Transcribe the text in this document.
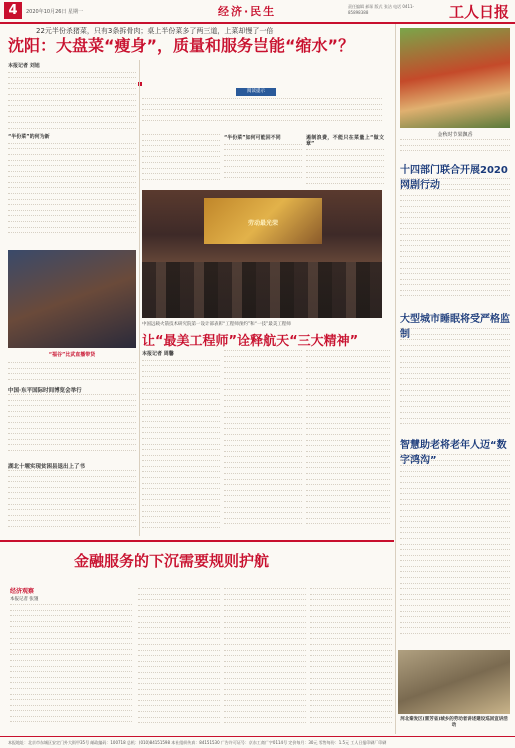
4	2020年10月26日 星期一	经济·民生	责任编辑 郝琛 版式 张洁 电话 0411-85898388	工人日报
22元半份杀猪菜，只有3条拆骨肉；桌上半份菜多了两三道，上菜却慢了一倍
沈阳：大盘菜“瘦身”，质量和服务岂能“缩水”？
本报记者 刘旭
“半份菜”的何为新
阅读提示
“半份菜”如何可能回不同	遏制浪费，不能只在菜量上“做文章”
“福谷”比武直播带货
中国·东平国际时间博览会举行
湖北十堰实现贫困县退出上了书
劳动最光荣
中国远载火箭技术研究院第一设计部表彰“工程师预约”和“一技”最美工程师
让“最美工程师”诠释航天“三大精神”
本报记者 周馨
金秋时节果飘香
十四部门联合开展2020网剧行动
大型城市睡眠将受严格监制
智慧助老将老年人迈“数字鸿沟”
河北秦发区(雷芳省)城乡的劳动者讲述建设巡回宣讲活动
金融服务的下沉需要规则护航
经济观察
本报记者 张翅
本报地址：北京市东城区安定门外大街甲35号 邮政编码：100718 总机：(010)84151598 本社组织传真：84151530 广告许可证号：京东工商广字0114号 定价每月：30元 零售每份：1.5元 工人日报印刷厂印刷
